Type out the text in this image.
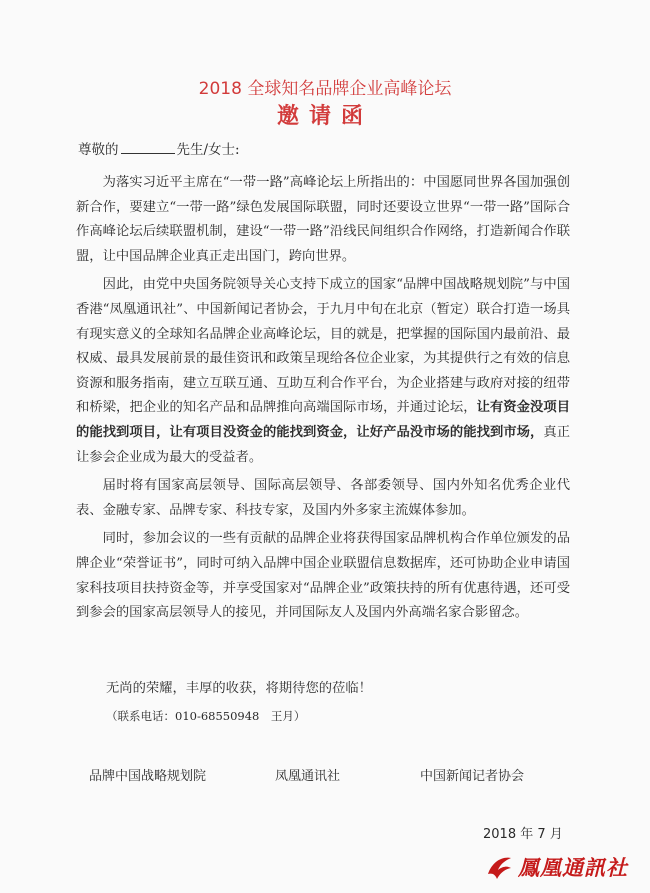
2018 全球知名品牌企业高峰论坛
邀请函
尊敬的	先生/女士:

为落实习近平主席在“一带一路”高峰论坛上所指出的：中国愿同世界各国加强创新合作，要建立“一带一路”绿色发展国际联盟，同时还要设立世界“一带一路”国际合作高峰论坛后续联盟机制，建设“一带一路”沿线民间组织合作网络，打造新闻合作联盟，让中国品牌企业真正走出国门，跨向世界。

因此，由党中央国务院领导关心支持下成立的国家“品牌中国战略规划院”与中国香港“凤凰通讯社”、中国新闻记者协会，于九月中旬在北京（暂定）联合打造一场具有现实意义的全球知名品牌企业高峰论坛，目的就是，把掌握的国际国内最前沿、最权威、最具发展前景的最佳资讯和政策呈现给各位企业家，为其提供行之有效的信息资源和服务指南，建立互联互通、互助互利合作平台，为企业搭建与政府对接的纽带和桥梁，把企业的知名产品和品牌推向高端国际市场，并通过论坛，让有资金没项目的能找到项目，让有项目没资金的能找到资金，让好产品没市场的能找到市场，真正让参会企业成为最大的受益者。

届时将有国家高层领导、国际高层领导、各部委领导、国内外知名优秀企业代表、金融专家、品牌专家、科技专家，及国内外多家主流媒体参加。

同时，参加会议的一些有贡献的品牌企业将获得国家品牌机构合作单位颁发的品牌企业“荣誉证书”，同时可纳入品牌中国企业联盟信息数据库，还可协助企业申请国家科技项目扶持资金等，并享受国家对“品牌企业”政策扶持的所有优惠待遇，还可受到参会的国家高层领导人的接见，并同国际友人及国内外高端名家合影留念。

无尚的荣耀，丰厚的收获，将期待您的莅临！
（联系电话：010-68550948　王月）
品牌中国战略规划院	凤凰通讯社	中国新闻记者协会
2018 年 7 月
鳳凰通訊社
